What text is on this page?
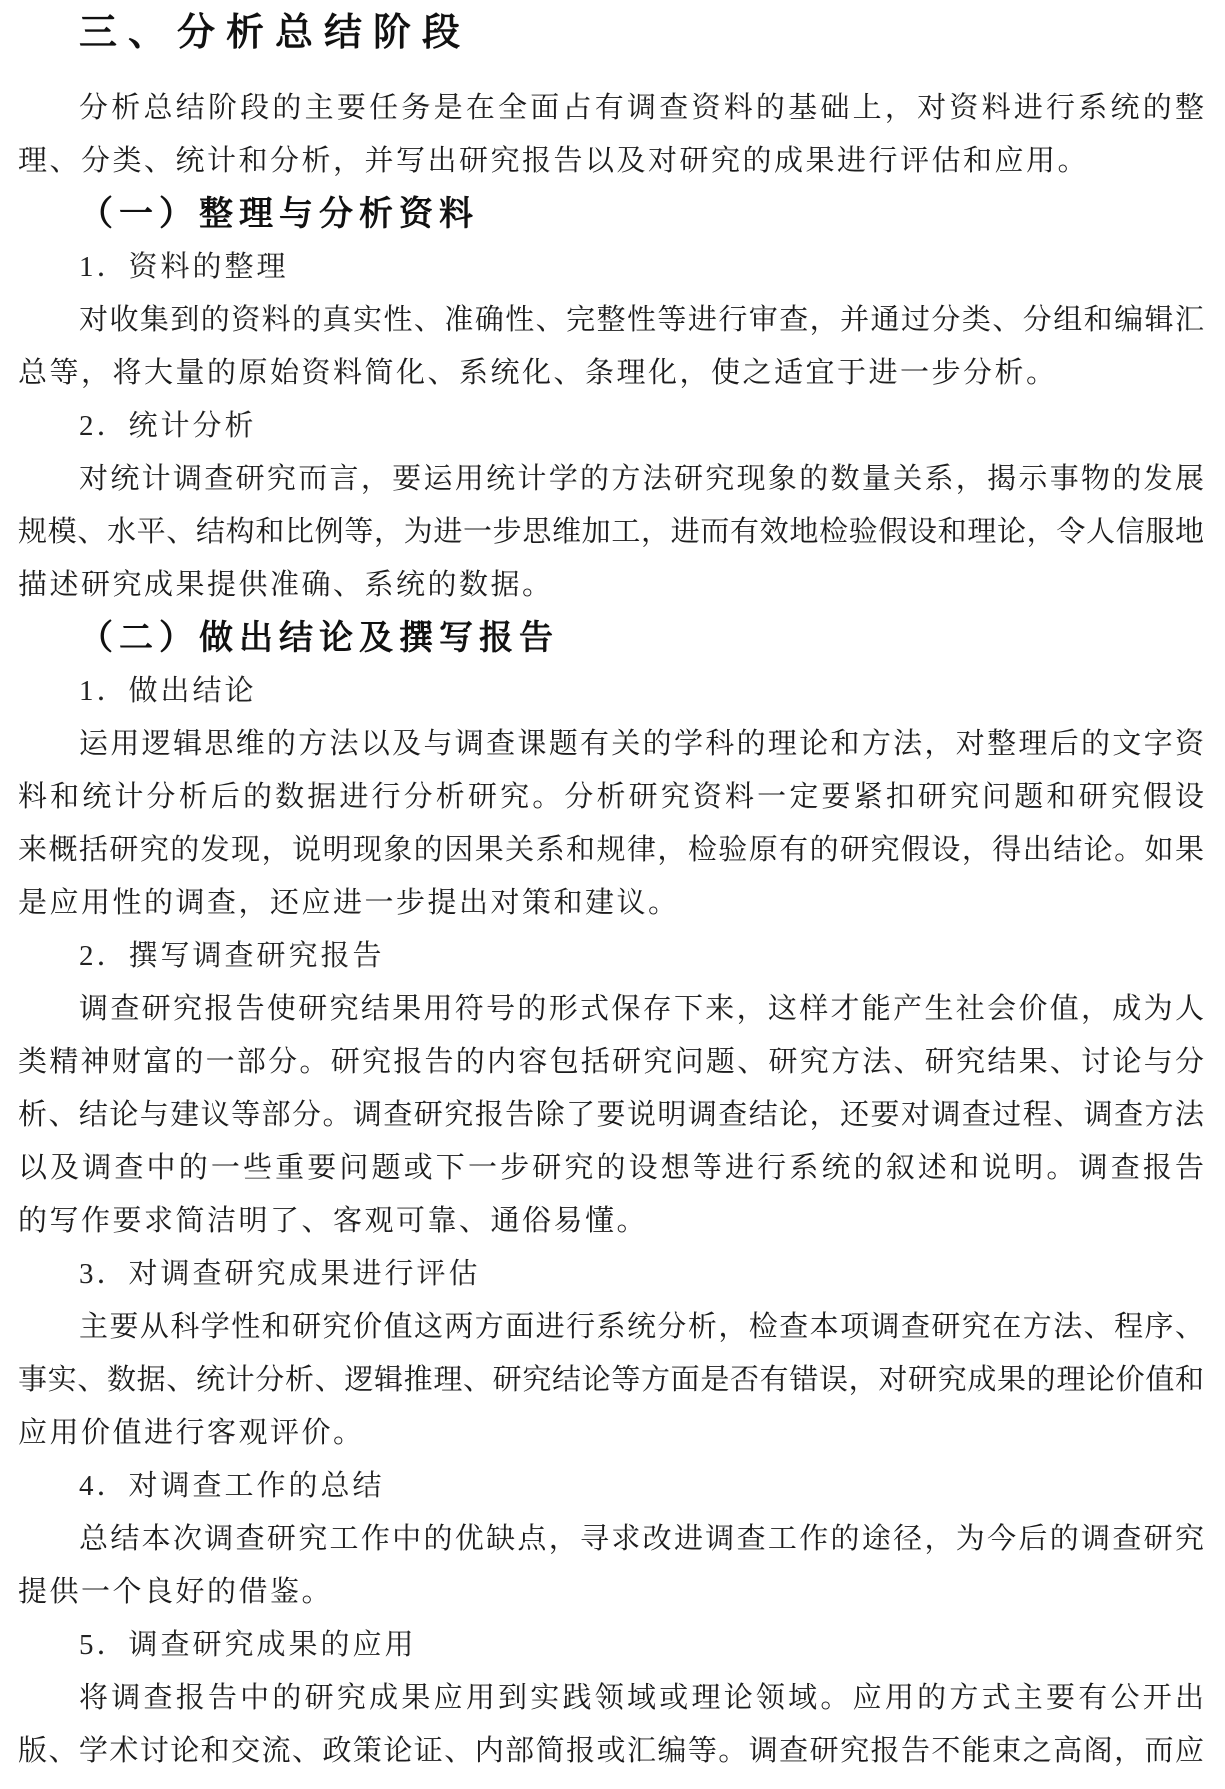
三、分析总结阶段
分析总结阶段的主要任务是在全面占有调查资料的基础上，对资料进行系统的整
理、分类、统计和分析，并写出研究报告以及对研究的成果进行评估和应用。
（一）整理与分析资料
1．资料的整理
对收集到的资料的真实性、准确性、完整性等进行审查，并通过分类、分组和编辑汇
总等，将大量的原始资料简化、系统化、条理化，使之适宜于进一步分析。
2．统计分析
对统计调查研究而言，要运用统计学的方法研究现象的数量关系，揭示事物的发展
规模、水平、结构和比例等，为进一步思维加工，进而有效地检验假设和理论，令人信服地
描述研究成果提供准确、系统的数据。
（二）做出结论及撰写报告
1．做出结论
运用逻辑思维的方法以及与调查课题有关的学科的理论和方法，对整理后的文字资
料和统计分析后的数据进行分析研究。分析研究资料一定要紧扣研究问题和研究假设
来概括研究的发现，说明现象的因果关系和规律，检验原有的研究假设，得出结论。如果
是应用性的调查，还应进一步提出对策和建议。
2．撰写调查研究报告
调查研究报告使研究结果用符号的形式保存下来，这样才能产生社会价值，成为人
类精神财富的一部分。研究报告的内容包括研究问题、研究方法、研究结果、讨论与分
析、结论与建议等部分。调查研究报告除了要说明调查结论，还要对调查过程、调查方法
以及调查中的一些重要问题或下一步研究的设想等进行系统的叙述和说明。调查报告
的写作要求简洁明了、客观可靠、通俗易懂。
3．对调查研究成果进行评估
主要从科学性和研究价值这两方面进行系统分析，检查本项调查研究在方法、程序、
事实、数据、统计分析、逻辑推理、研究结论等方面是否有错误，对研究成果的理论价值和
应用价值进行客观评价。
4．对调查工作的总结
总结本次调查研究工作中的优缺点，寻求改进调查工作的途径，为今后的调查研究
提供一个良好的借鉴。
5．调查研究成果的应用
将调查报告中的研究成果应用到实践领域或理论领域。应用的方式主要有公开出
版、学术讨论和交流、政策论证、内部简报或汇编等。调查研究报告不能束之高阁，而应
